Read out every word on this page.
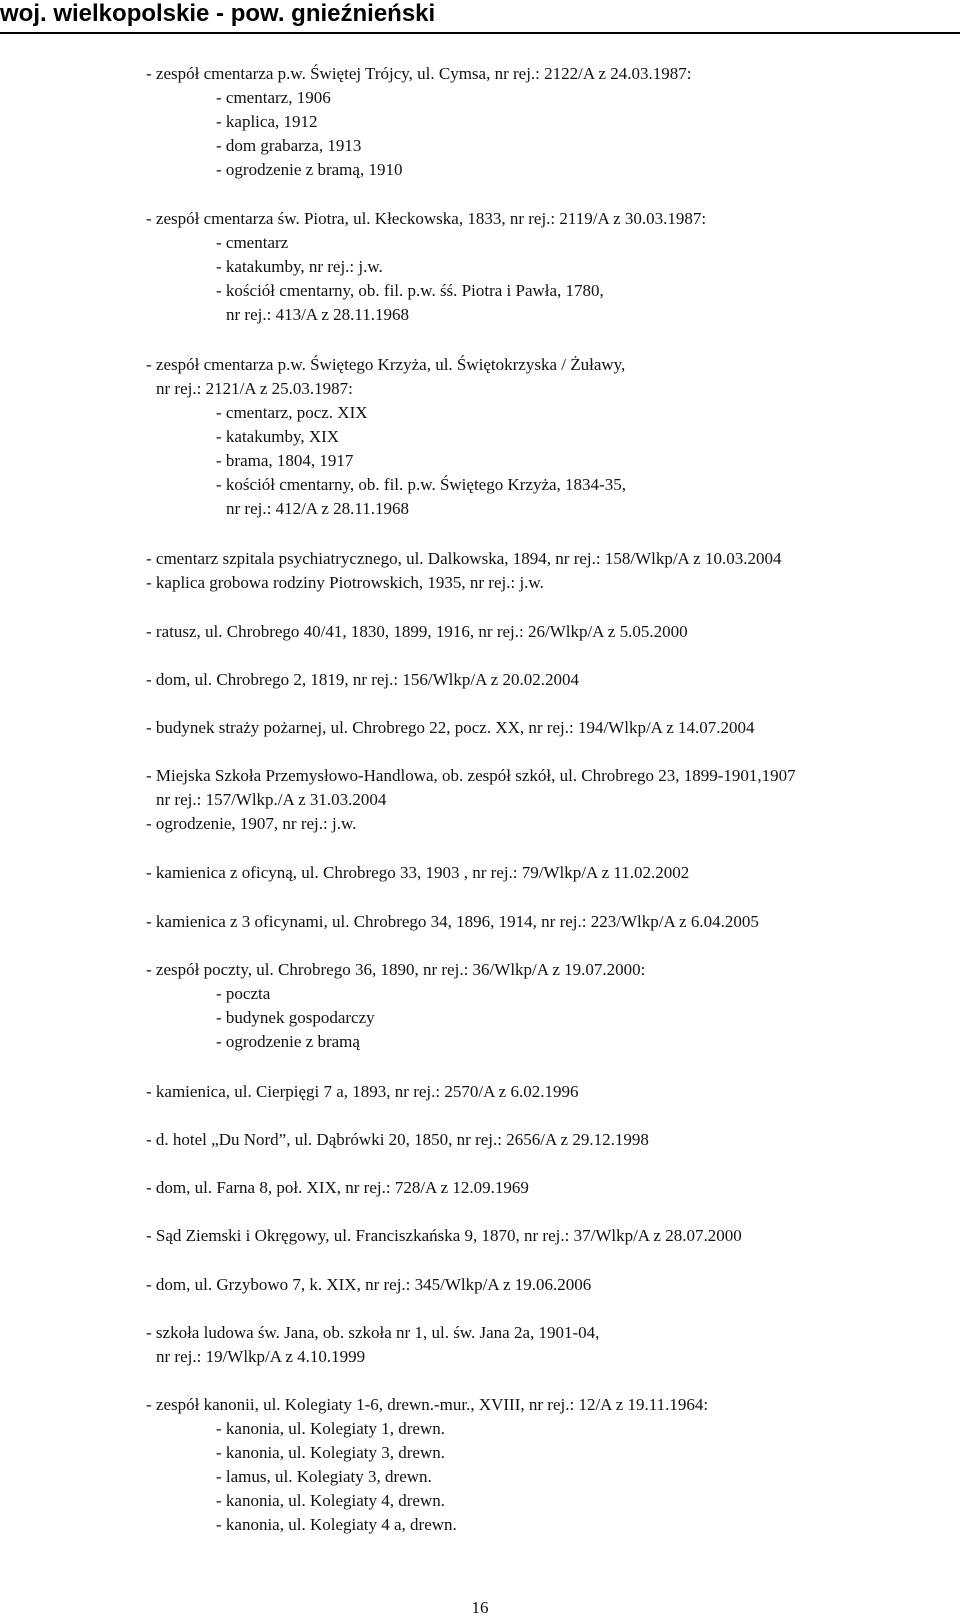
woj. wielkopolskie - pow. gnieźnieński
- zespół cmentarza p.w. Świętej Trójcy, ul. Cymsa, nr rej.: 2122/A z 24.03.1987:
- cmentarz, 1906
- kaplica, 1912
- dom grabarza, 1913
- ogrodzenie z bramą, 1910
- zespół cmentarza św. Piotra, ul. Kłeckowska, 1833, nr rej.: 2119/A z 30.03.1987:
- cmentarz
- katakumby, nr rej.: j.w.
- kościół cmentarny, ob. fil. p.w. śś. Piotra i Pawła, 1780,
nr rej.: 413/A z 28.11.1968
- zespół cmentarza p.w. Świętego Krzyża, ul. Świętokrzyska / Żuławy,
nr rej.: 2121/A z 25.03.1987:
- cmentarz, pocz. XIX
- katakumby, XIX
- brama, 1804, 1917
- kościół cmentarny, ob. fil. p.w. Świętego Krzyża, 1834-35,
nr rej.: 412/A z 28.11.1968
- cmentarz szpitala psychiatrycznego, ul. Dalkowska, 1894, nr rej.: 158/Wlkp/A z 10.03.2004
- kaplica grobowa rodziny Piotrowskich, 1935, nr rej.: j.w.
- ratusz, ul. Chrobrego 40/41, 1830, 1899, 1916, nr rej.: 26/Wlkp/A z 5.05.2000
- dom, ul. Chrobrego 2, 1819, nr rej.: 156/Wlkp/A z 20.02.2004
- budynek straży pożarnej, ul. Chrobrego 22, pocz. XX, nr rej.: 194/Wlkp/A z 14.07.2004
- Miejska Szkoła Przemysłowo-Handlowa, ob. zespół szkół, ul. Chrobrego 23, 1899-1901,1907
nr rej.: 157/Wlkp./A z 31.03.2004
- ogrodzenie, 1907, nr rej.: j.w.
- kamienica z oficyną, ul. Chrobrego 33, 1903 , nr rej.: 79/Wlkp/A z 11.02.2002
- kamienica z 3 oficynami, ul. Chrobrego 34, 1896, 1914, nr rej.: 223/Wlkp/A z 6.04.2005
- zespół poczty, ul. Chrobrego 36, 1890, nr rej.: 36/Wlkp/A z 19.07.2000:
- poczta
- budynek gospodarczy
- ogrodzenie z bramą
- kamienica, ul. Cierpięgi 7 a, 1893, nr rej.: 2570/A z 6.02.1996
- d. hotel „Du Nord”, ul. Dąbrówki 20, 1850, nr rej.: 2656/A z 29.12.1998
- dom, ul. Farna 8, poł. XIX, nr rej.: 728/A z 12.09.1969
- Sąd Ziemski i Okręgowy, ul. Franciszkańska 9, 1870, nr rej.: 37/Wlkp/A z 28.07.2000
- dom, ul. Grzybowo 7, k. XIX, nr rej.: 345/Wlkp/A z 19.06.2006
- szkoła ludowa św. Jana, ob. szkoła nr 1, ul. św. Jana 2a, 1901-04,
nr rej.: 19/Wlkp/A z 4.10.1999
- zespół kanonii, ul. Kolegiaty 1-6, drewn.-mur., XVIII, nr rej.: 12/A z 19.11.1964:
- kanonia, ul. Kolegiaty 1, drewn.
- kanonia, ul. Kolegiaty 3, drewn.
- lamus, ul. Kolegiaty 3, drewn.
- kanonia, ul. Kolegiaty 4, drewn.
- kanonia, ul. Kolegiaty 4 a, drewn.
16
